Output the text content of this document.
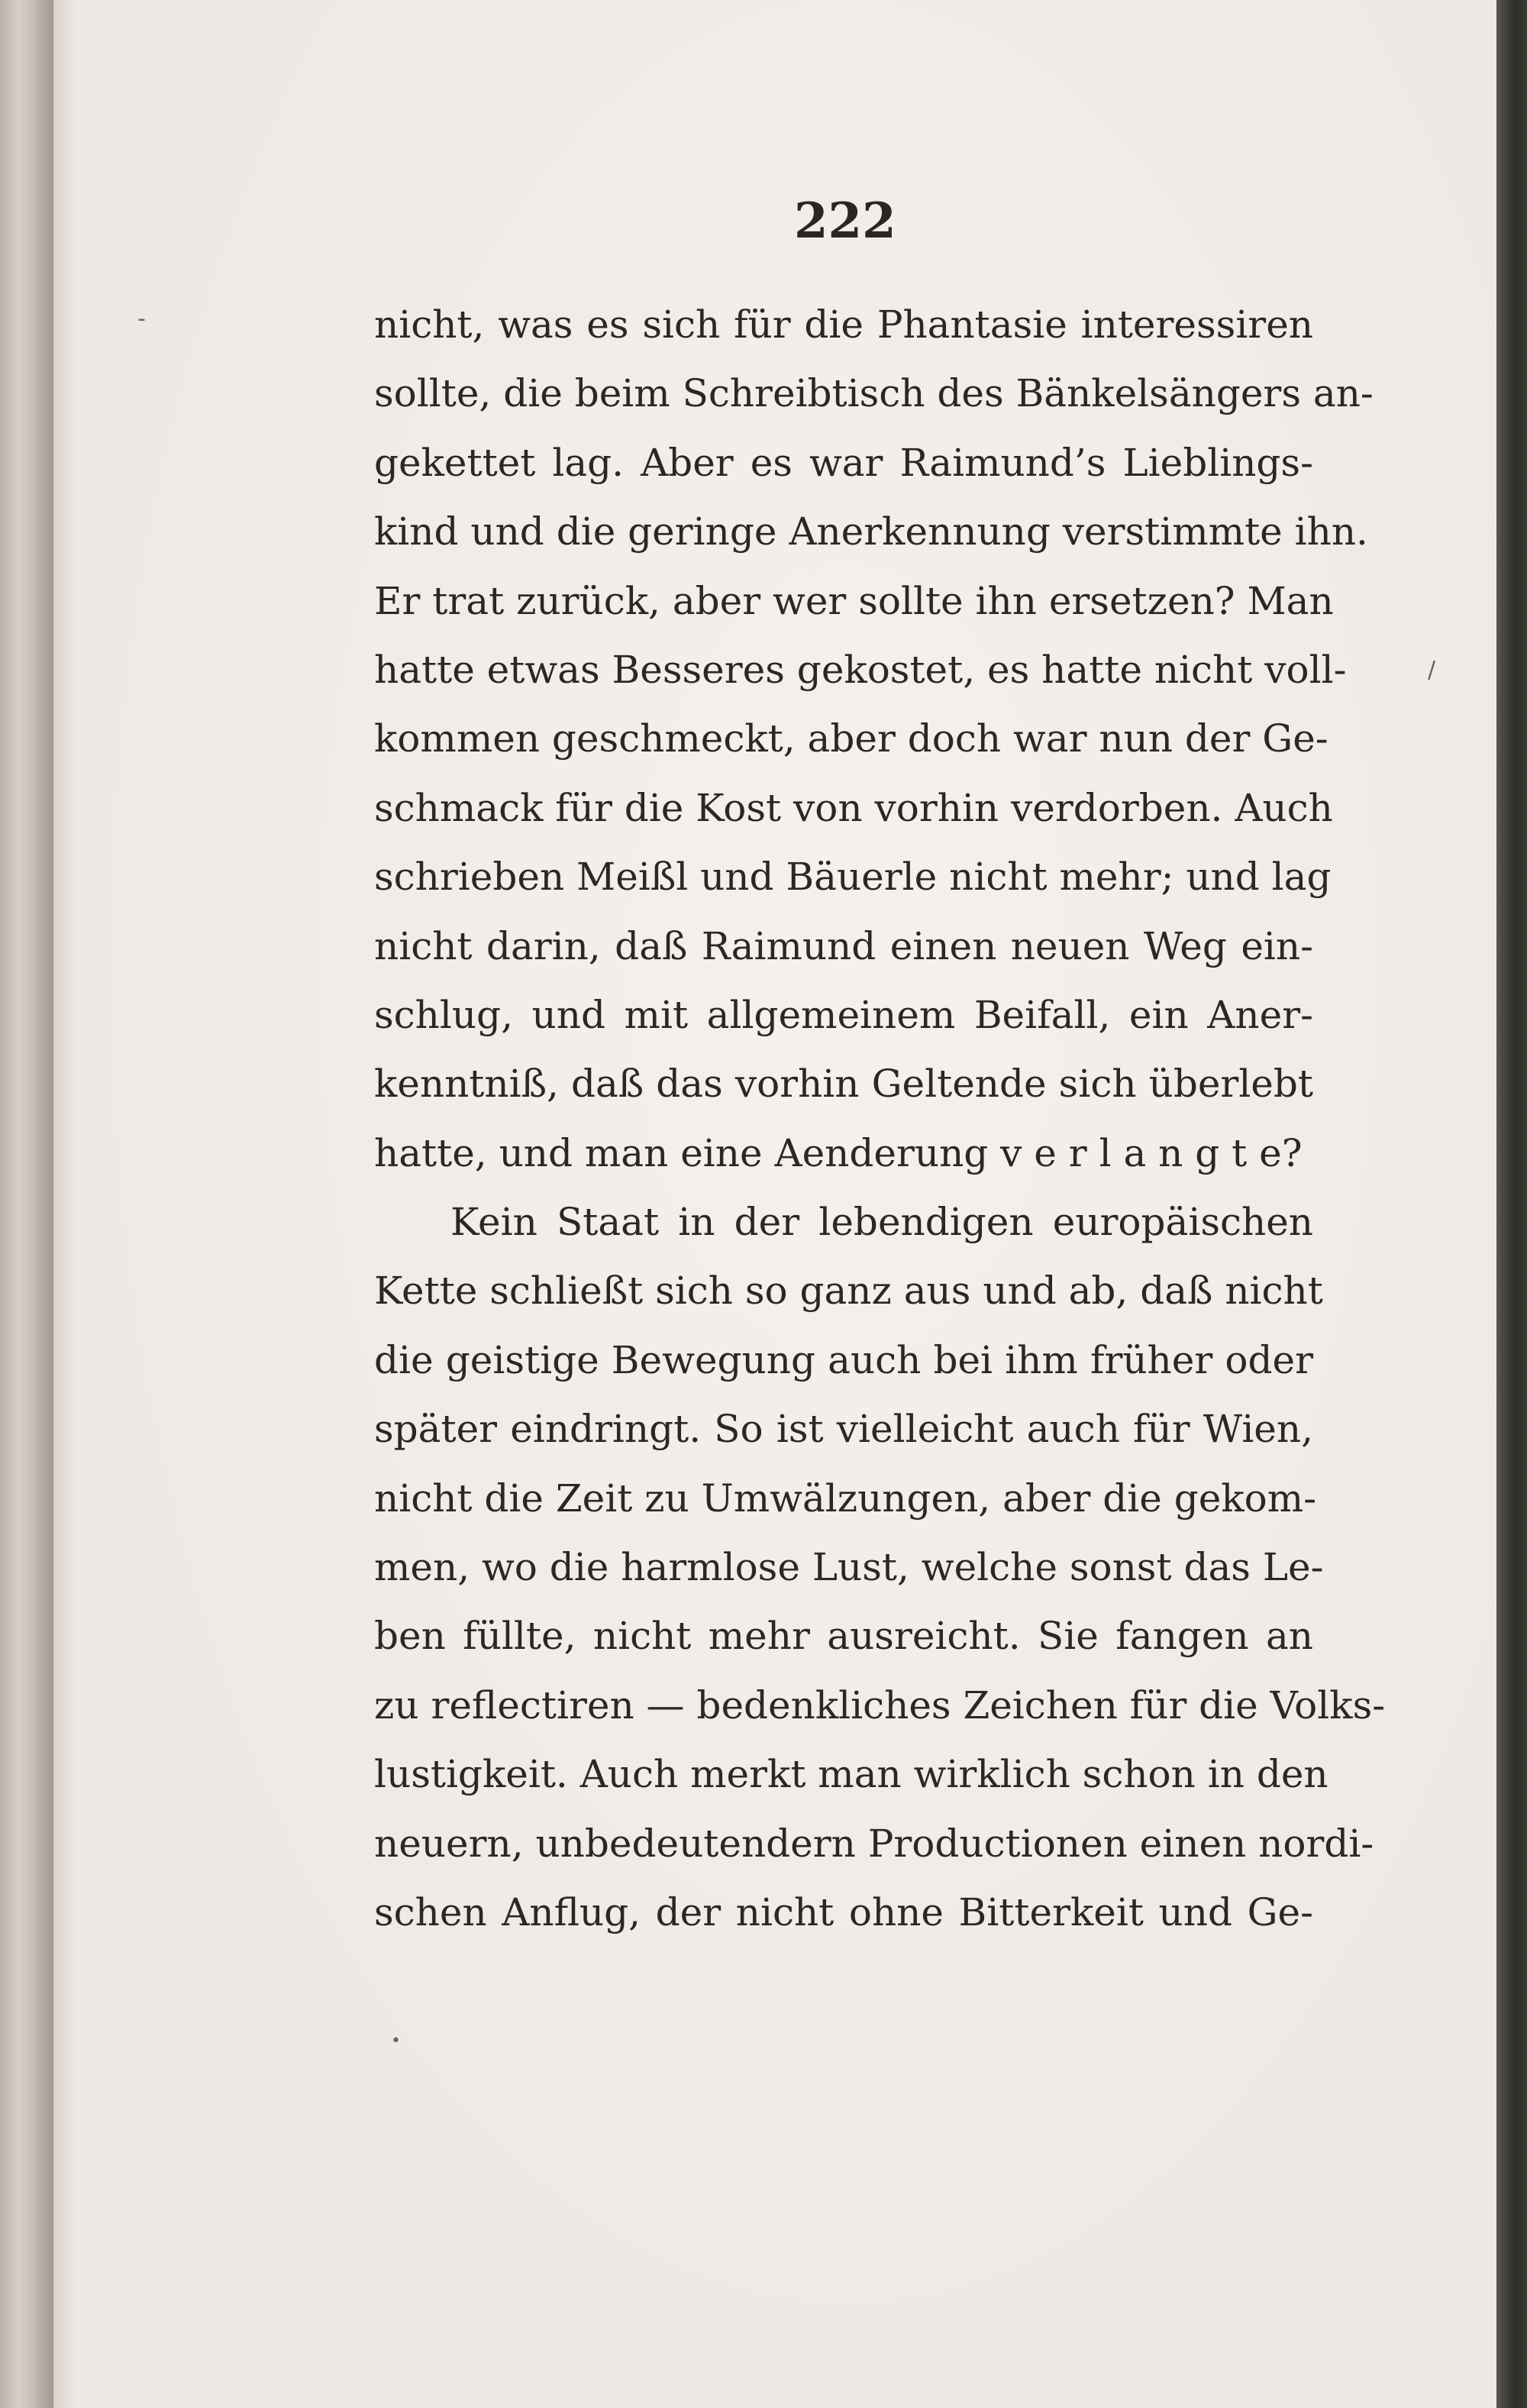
-
/
•
222
nicht, was es sich für die Phantasie interessiren
sollte, die beim Schreibtisch des Bänkelsängers an-
gekettet lag. Aber es war Raimund’s Lieblings-
kind und die geringe Anerkennung verstimmte ihn.
Er trat zurück, aber wer sollte ihn ersetzen? Man
hatte etwas Besseres gekostet, es hatte nicht voll-
kommen geschmeckt, aber doch war nun der Ge-
schmack für die Kost von vorhin verdorben. Auch
schrieben Meißl und Bäuerle nicht mehr; und lag
nicht darin, daß Raimund einen neuen Weg ein-
schlug, und mit allgemeinem Beifall, ein Aner-
kenntniß, daß das vorhin Geltende sich überlebt
hatte, und man eine Aenderung v e r l a n g t e?
Kein Staat in der lebendigen europäischen
Kette schließt sich so ganz aus und ab, daß nicht
die geistige Bewegung auch bei ihm früher oder
später eindringt. So ist vielleicht auch für Wien,
nicht die Zeit zu Umwälzungen, aber die gekom-
men, wo die harmlose Lust, welche sonst das Le-
ben füllte, nicht mehr ausreicht. Sie fangen an
zu reflectiren — bedenkliches Zeichen für die Volks-
lustigkeit. Auch merkt man wirklich schon in den
neuern, unbedeutendern Productionen einen nordi-
schen Anflug, der nicht ohne Bitterkeit und Ge-
